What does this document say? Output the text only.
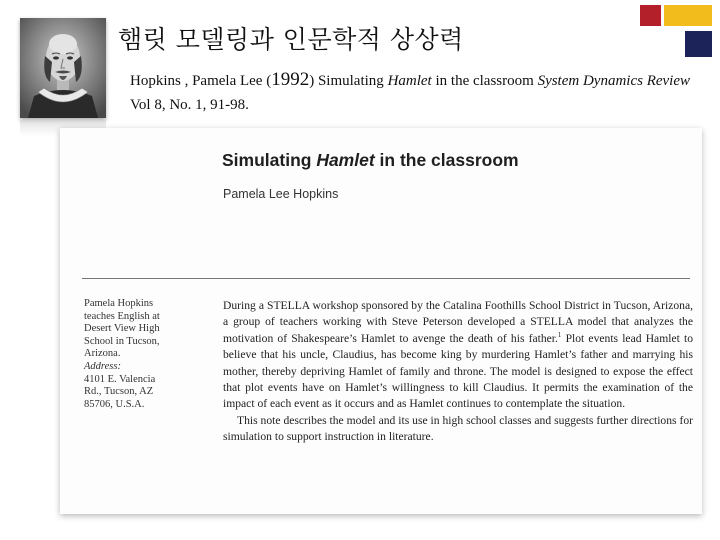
햄릿 모델링과 인문학적 상상력
Hopkins , Pamela Lee (1992) Simulating Hamlet in the classroom System Dynamics Review Vol 8, No. 1, 91-98.
Simulating Hamlet in the classroom
Pamela Lee Hopkins
Pamela Hopkins
teaches English at
Desert View High
School in Tucson,
Arizona.
Address:
4101 E. Valencia
Rd., Tucson, AZ
85706, U.S.A.

During a STELLA workshop sponsored by the Catalina Foothills School District in Tucson, Arizona, a group of teachers working with Steve Peterson developed a STELLA model that analyzes the motivation of Shakespeare’s Hamlet to avenge the death of his father.$^1$ Plot events lead Hamlet to believe that his uncle, Claudius, has become king by murdering Hamlet’s father and marrying his mother, thereby depriving Hamlet of family and throne. The model is designed to expose the effect that plot events have on Hamlet’s willingness to kill Claudius. It permits the examination of the impact of each event as it occurs and as Hamlet continues to contemplate the situation.

This note describes the model and its use in high school classes and suggests further directions for simulation to support instruction in literature.
